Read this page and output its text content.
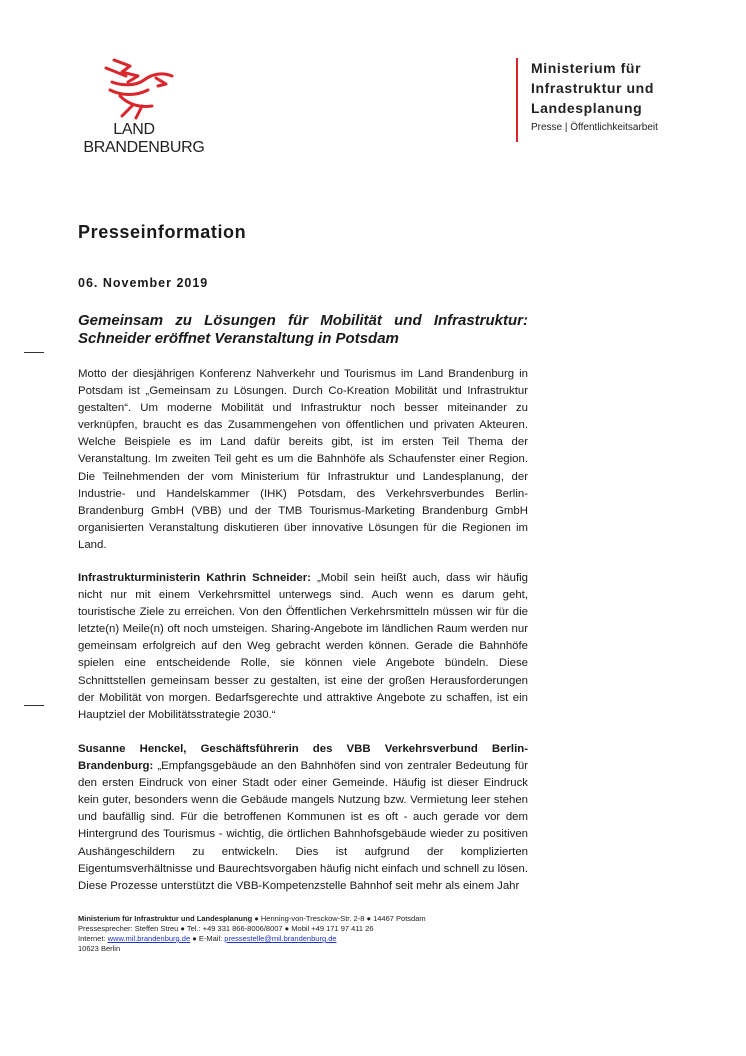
LAND
BRANDENBURG
Ministerium für
Infrastruktur und
Landesplanung
Presse | Öffentlichkeitsarbeit
Presseinformation
06. November 2019
Gemeinsam zu Lösungen für Mobilität und Infrastruktur: Schneider eröffnet Veranstaltung in Potsdam
Motto der diesjährigen Konferenz Nahverkehr und Tourismus im Land Brandenburg in Potsdam ist „Gemeinsam zu Lösungen. Durch Co-Kreation Mobilität und Infrastruktur gestalten“. Um moderne Mobilität und Infrastruktur noch besser miteinander zu verknüpfen, braucht es das Zusammengehen von öffentlichen und privaten Akteuren. Welche Beispiele es im Land dafür bereits gibt, ist im ersten Teil Thema der Veranstaltung. Im zweiten Teil geht es um die Bahnhöfe als Schaufenster einer Region. Die Teilnehmenden der vom Ministerium für Infrastruktur und Landesplanung, der Industrie- und Handelskammer (IHK) Potsdam, des Verkehrsverbundes Berlin-Brandenburg GmbH (VBB) und der TMB Tourismus-Marketing Brandenburg GmbH organisierten Veranstaltung diskutieren über innovative Lösungen für die Regionen im Land.
Infrastrukturministerin Kathrin Schneider: „Mobil sein heißt auch, dass wir häufig nicht nur mit einem Verkehrsmittel unterwegs sind. Auch wenn es darum geht, touristische Ziele zu erreichen. Von den Öffentlichen Verkehrsmitteln müssen wir für die letzte(n) Meile(n) oft noch umsteigen. Sharing-Angebote im ländlichen Raum werden nur gemeinsam erfolgreich auf den Weg gebracht werden können. Gerade die Bahnhöfe spielen eine entscheidende Rolle, sie können viele Angebote bündeln. Diese Schnittstellen gemeinsam besser zu gestalten, ist eine der großen Herausforderungen der Mobilität von morgen. Bedarfsgerechte und attraktive Angebote zu schaffen, ist ein Hauptziel der Mobilitätsstrategie 2030.“
Susanne Henckel, Geschäftsführerin des VBB Verkehrsverbund Berlin-Brandenburg: „Empfangsgebäude an den Bahnhöfen sind von zentraler Bedeutung für den ersten Eindruck von einer Stadt oder einer Gemeinde. Häufig ist dieser Eindruck kein guter, besonders wenn die Gebäude mangels Nutzung bzw. Vermietung leer stehen und baufällig sind. Für die betroffenen Kommunen ist es oft - auch gerade vor dem Hintergrund des Tourismus - wichtig, die örtlichen Bahnhofsgebäude wieder zu positiven Aushängeschildern zu entwickeln. Dies ist aufgrund der komplizierten Eigentumsverhältnisse und Baurechtsvorgaben häufig nicht einfach und schnell zu lösen. Diese Prozesse unterstützt die VBB-Kompetenzstelle Bahnhof seit mehr als einem Jahr
Ministerium für Infrastruktur und Landesplanung ● Henning-von-Tresckow-Str. 2-8 ● 14467 Potsdam
Pressesprecher: Steffen Streu ● Tel.: +49 331 866-8006/8007 ● Mobil +49 171 97 411 26
Internet: www.mil.brandenburg.de ● E-Mail: pressestelle@mil.brandenburg.de
10623 Berlin
